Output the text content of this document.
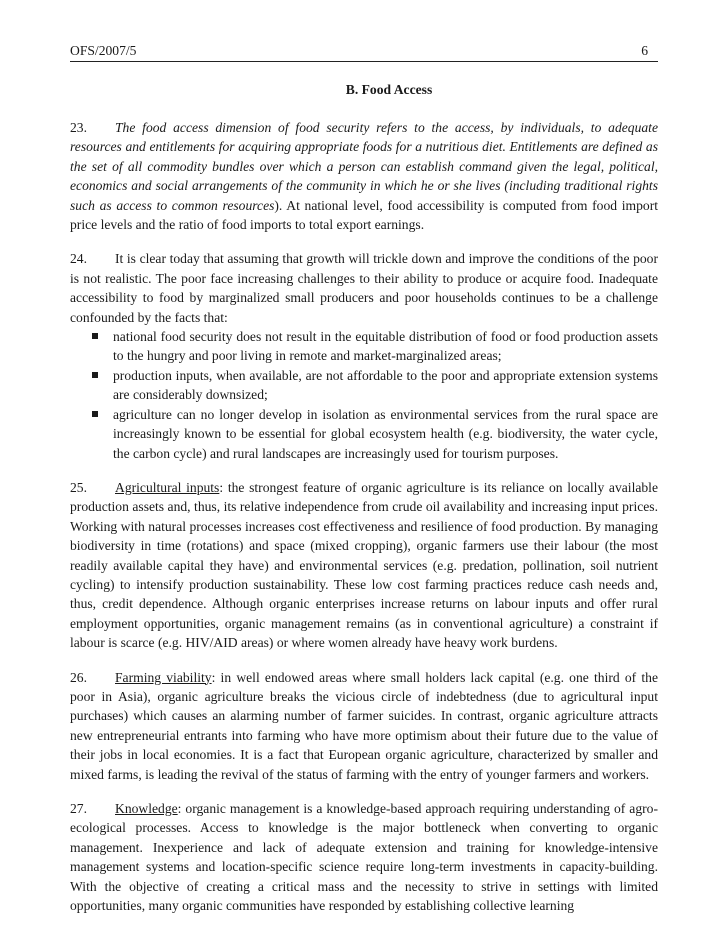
OFS/2007/5	6
B. Food Access

23. The food access dimension of food security refers to the access, by individuals, to adequate resources and entitlements for acquiring appropriate foods for a nutritious diet. Entitlements are defined as the set of all commodity bundles over which a person can establish command given the legal, political, economics and social arrangements of the community in which he or she lives (including traditional rights such as access to common resources). At national level, food accessibility is computed from food import price levels and the ratio of food imports to total export earnings.

24. It is clear today that assuming that growth will trickle down and improve the conditions of the poor is not realistic. The poor face increasing challenges to their ability to produce or acquire food. Inadequate accessibility to food by marginalized small producers and poor households continues to be a challenge confounded by the facts that:
national food security does not result in the equitable distribution of food or food production assets to the hungry and poor living in remote and market-marginalized areas;
production inputs, when available, are not affordable to the poor and appropriate extension systems are considerably downsized;
agriculture can no longer develop in isolation as environmental services from the rural space are increasingly known to be essential for global ecosystem health (e.g. biodiversity, the water cycle, the carbon cycle) and rural landscapes are increasingly used for tourism purposes.

25. Agricultural inputs: the strongest feature of organic agriculture is its reliance on locally available production assets and, thus, its relative independence from crude oil availability and increasing input prices. Working with natural processes increases cost effectiveness and resilience of food production. By managing biodiversity in time (rotations) and space (mixed cropping), organic farmers use their labour (the most readily available capital they have) and environmental services (e.g. predation, pollination, soil nutrient cycling) to intensify production sustainability. These low cost farming practices reduce cash needs and, thus, credit dependence. Although organic enterprises increase returns on labour inputs and offer rural employment opportunities, organic management remains (as in conventional agriculture) a constraint if labour is scarce (e.g. HIV/AID areas) or where women already have heavy work burdens.

26. Farming viability: in well endowed areas where small holders lack capital (e.g. one third of the poor in Asia), organic agriculture breaks the vicious circle of indebtedness (due to agricultural input purchases) which causes an alarming number of farmer suicides. In contrast, organic agriculture attracts new entrepreneurial entrants into farming who have more optimism about their future due to the value of their jobs in local economies. It is a fact that European organic agriculture, characterized by smaller and mixed farms, is leading the revival of the status of farming with the entry of younger farmers and workers.

27. Knowledge: organic management is a knowledge-based approach requiring understanding of agro-ecological processes. Access to knowledge is the major bottleneck when converting to organic management. Inexperience and lack of adequate extension and training for knowledge-intensive management systems and location-specific science require long-term investments in capacity-building. With the objective of creating a critical mass and the necessity to strive in settings with limited opportunities, many organic communities have responded by establishing collective learning
